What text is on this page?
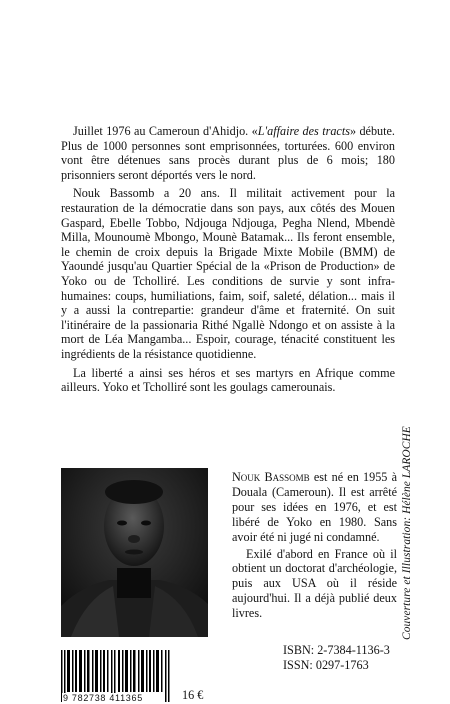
Juillet 1976 au Cameroun d'Ahidjo. «L'affaire des tracts» débute. Plus de 1000 personnes sont emprisonnées, torturées. 600 environ vont être détenues sans procès durant plus de 6 mois; 180 prisonniers seront déportés vers le nord.

Nouk Bassomb a 20 ans. Il militait activement pour la restauration de la démocratie dans son pays, aux côtés des Mouen Gaspard, Ebelle Tobbo, Ndjouga Ndjouga, Pegha Nlend, Mbendè Milla, Mounoumè Mbongo, Mounè Batamak... Ils feront ensemble, le chemin de croix depuis la Brigade Mixte Mobile (BMM) de Yaoundé jusqu'au Quartier Spécial de la «Prison de Production» de Yoko ou de Tcholliré. Les conditions de survie y sont infra-humaines: coups, humiliations, faim, soif, saleté, délation... mais il y a aussi la contrepartie: grandeur d'âme et fraternité. On suit l'itinéraire de la passionaria Rithé Ngallè Ndongo et on assiste à la mort de Léa Mangamba... Espoir, courage, ténacité constituent les ingrédients de la résistance quotidienne.

La liberté a ainsi ses héros et ses martyrs en Afrique comme ailleurs. Yoko et Tcholliré sont les goulags camerounais.

Nouk Bassomb est né en 1955 à Douala (Cameroun). Il est arrêté pour ses idées en 1976, et est libéré de Yoko en 1980. Sans avoir été ni jugé ni condamné.

Exilé d'abord en France où il obtient un doctorat d'archéologie, puis aux USA où il réside aujourd'hui. Il a déjà publié deux livres.

ISBN: 2-7384-1136-3
ISSN: 0297-1763
Couverture et Illustration: Hélène LAROCHE
9 782738 411365	16 €
